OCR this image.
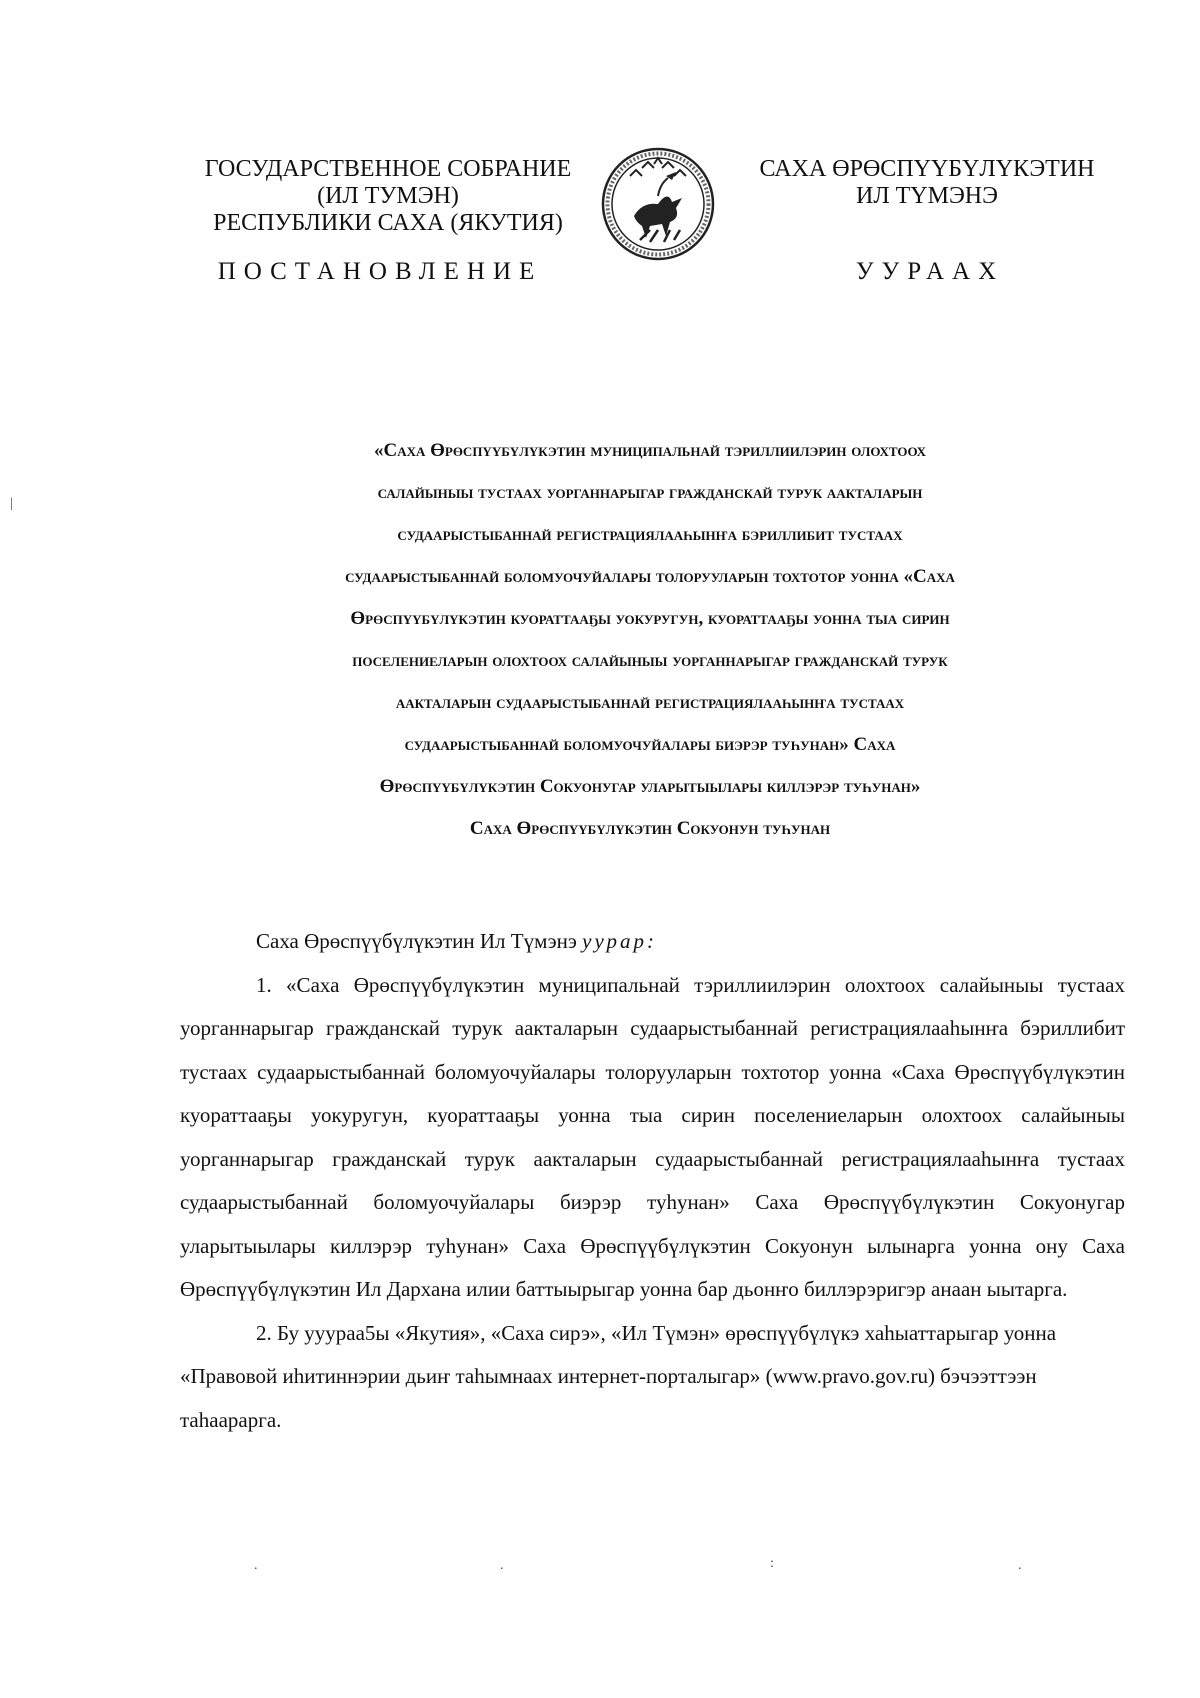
ГОСУДАРСТВЕННОЕ СОБРАНИЕ
(ИЛ ТУМЭН)
РЕСПУБЛИКИ САХА (ЯКУТИЯ)
САХА ӨРӨСПҮҮБҮЛҮКЭТИН
ИЛ ТҮМЭНЭ
ПОСТАНОВЛЕНИЕ	УУРААХ
«Саха Өрөспүүбүлүкэтин муниципальнай тэриллиилэрин олохтоох
салайыныы тустаах уорганнарыгар гражданскай турук аакталарын
судаарыстыбаннай регистрациялааһынҥа бэриллибит тустаах
судаарыстыбаннай боломуочуйалары толорууларын тохтотор уонна «Саха
Өрөспүүбүлүкэтин куораттааҕы уокуругун, куораттааҕы уонна тыа сирин
поселениеларын олохтоох салайыныы уорганнарыгар гражданскай турук
аакталарын судаарыстыбаннай регистрациялааһынҥа тустаах
судаарыстыбаннай боломуочуйалары биэрэр туһунан» Саха
Өрөспүүбүлүкэтин Сокуонугар уларытыылары киллэрэр туһунан»
Саха Өрөспүүбүлүкэтин Сокуонун туһунан
Саха Өрөспүүбүлүкэтин Ил Түмэнэ уурар:

1. «Саха Өрөспүүбүлүкэтин муниципальнай тэриллиилэрин олохтоох салайыныы тустаах уорганнарыгар гражданскай турук аакталарын судаарыстыбаннай регистрациялааһынҥа бэриллибит тустаах судаарыстыбаннай боломуочуйалары толорууларын тохтотор уонна «Саха Өрөспүүбүлүкэтин куораттааҕы уокуругун, куораттааҕы уонна тыа сирин поселениеларын олохтоох салайыныы уорганнарыгар гражданскай турук аакталарын судаарыстыбаннай регистрациялааһынҥа тустаах судаарыстыбаннай боломуочуйалары биэрэр туһунан» Саха Өрөспүүбүлүкэтин Сокуонугар уларытыылары киллэрэр туһунан» Саха Өрөспүүбүлүкэтин Сокуонун ылынарга уонна ону Саха Өрөспүүбүлүкэтин Ил Дархана илии баттыырыгар уонна бар дьонҥо биллэрэригэр анаан ыытарга.

2. Бу ууураа5ы «Якутия», «Саха сирэ», «Ил Түмэн» өрөспүүбүлүкэ хаһыаттарыгар уонна «Правовой иһитиннэрии дьиҥ таһымнаах интернет-порталыгар» (www.pravo.gov.ru) бэчээттээн таһаарарга.

.	.	:	.
|
